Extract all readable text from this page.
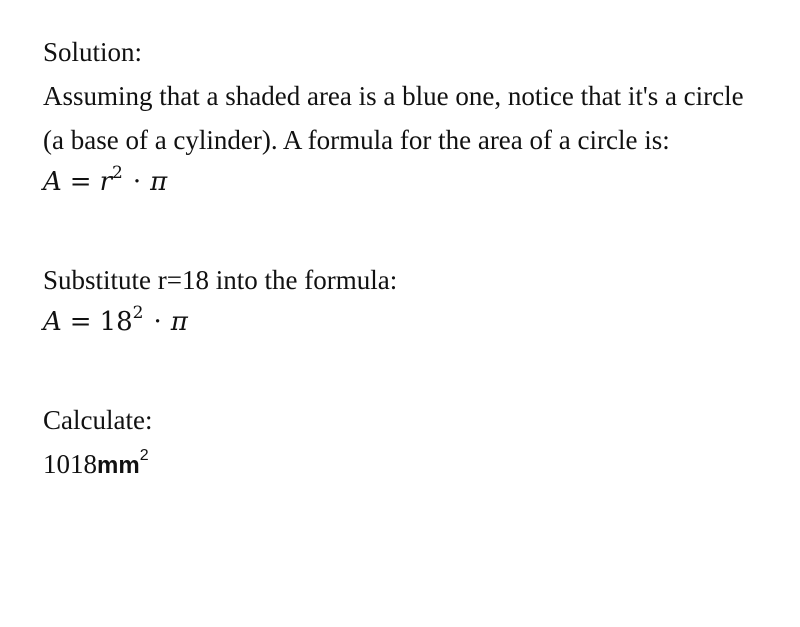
Solution:
Assuming that a shaded area is a blue one, notice that it's a circle (a base of a cylinder). A formula for the area of a circle is:
$A = r^2 \cdot \pi$
Substitute r=18 into the formula:
$A = 18^2 \cdot \pi$
Calculate:
$1018mm^2$
